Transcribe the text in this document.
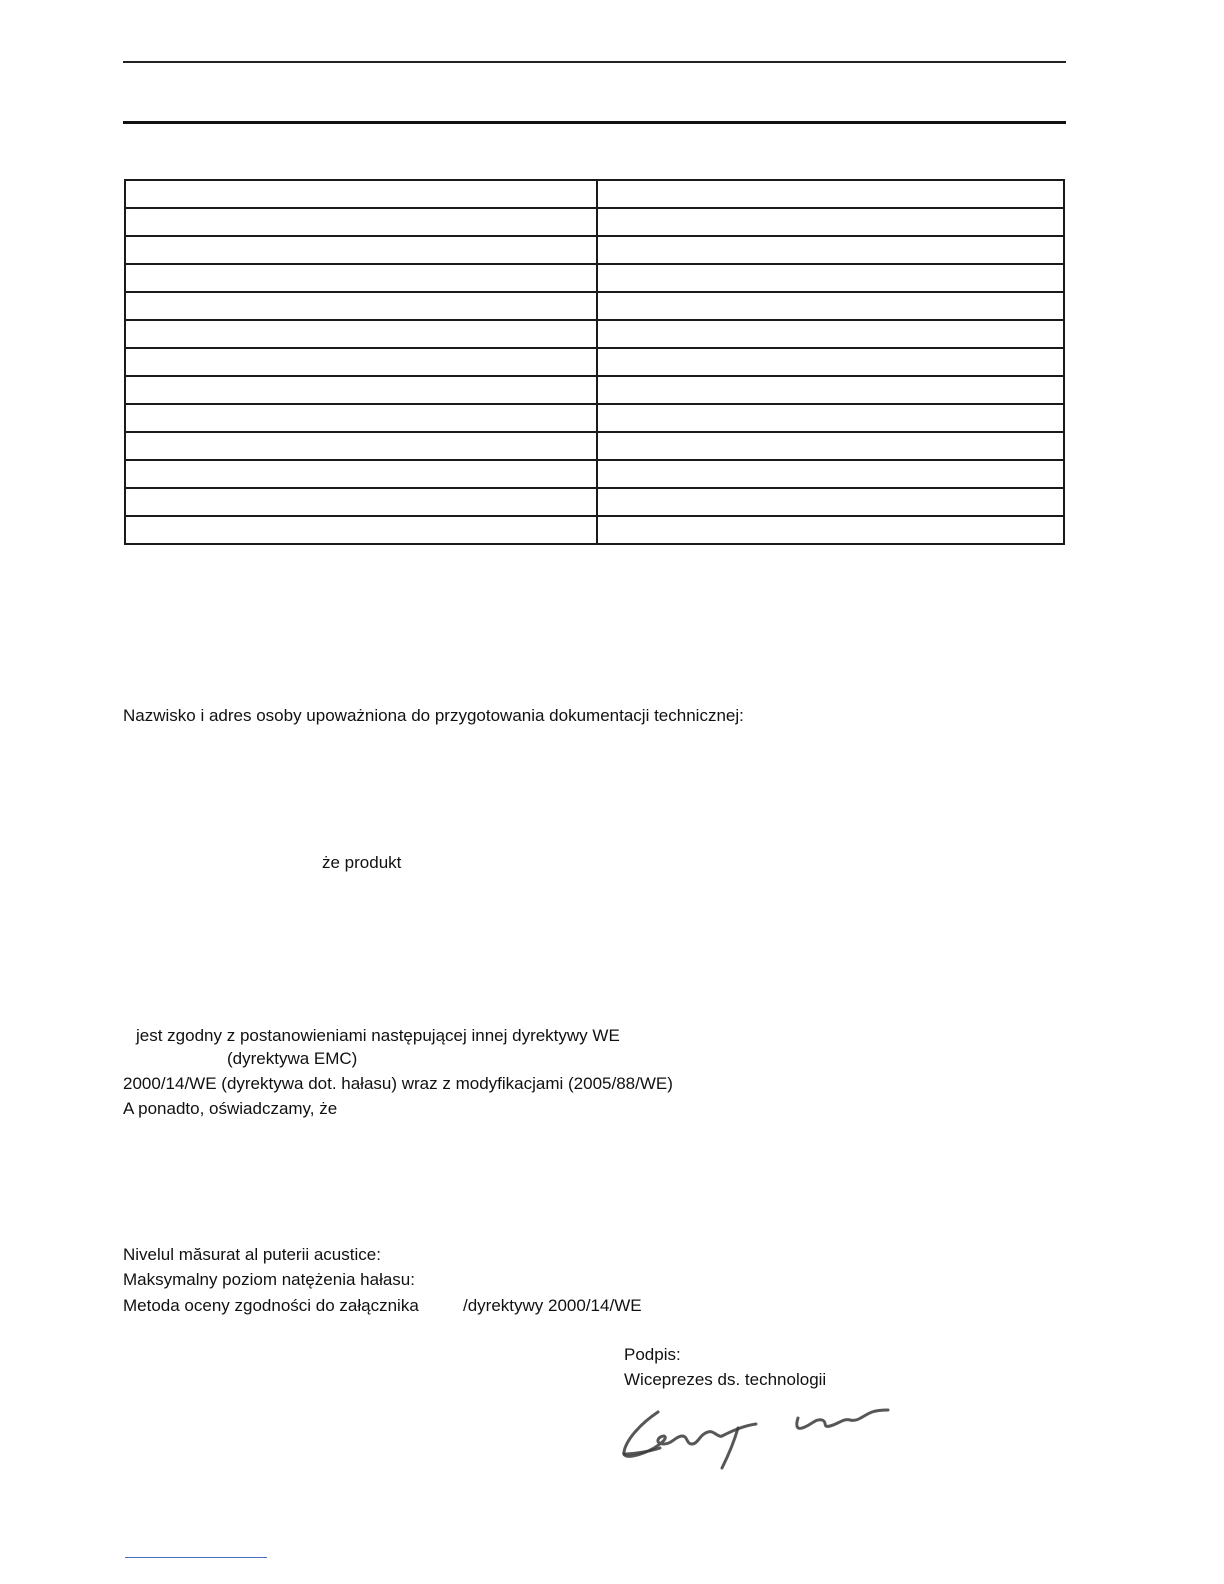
Nazwisko i adres osoby upoważniona do przygotowania dokumentacji technicznej:
że produkt
jest zgodny z postanowieniami następującej innej dyrektywy WE
(dyrektywa EMC)
2000/14/WE (dyrektywa dot. hałasu) wraz z modyfikacjami (2005/88/WE)
A ponadto, oświadczamy, że
Nivelul măsurat al puterii acustice:
Maksymalny poziom natężenia hałasu:
Metoda oceny zgodności do załącznika	/dyrektywy 2000/14/WE
Podpis:
Wiceprezes ds. technologii
